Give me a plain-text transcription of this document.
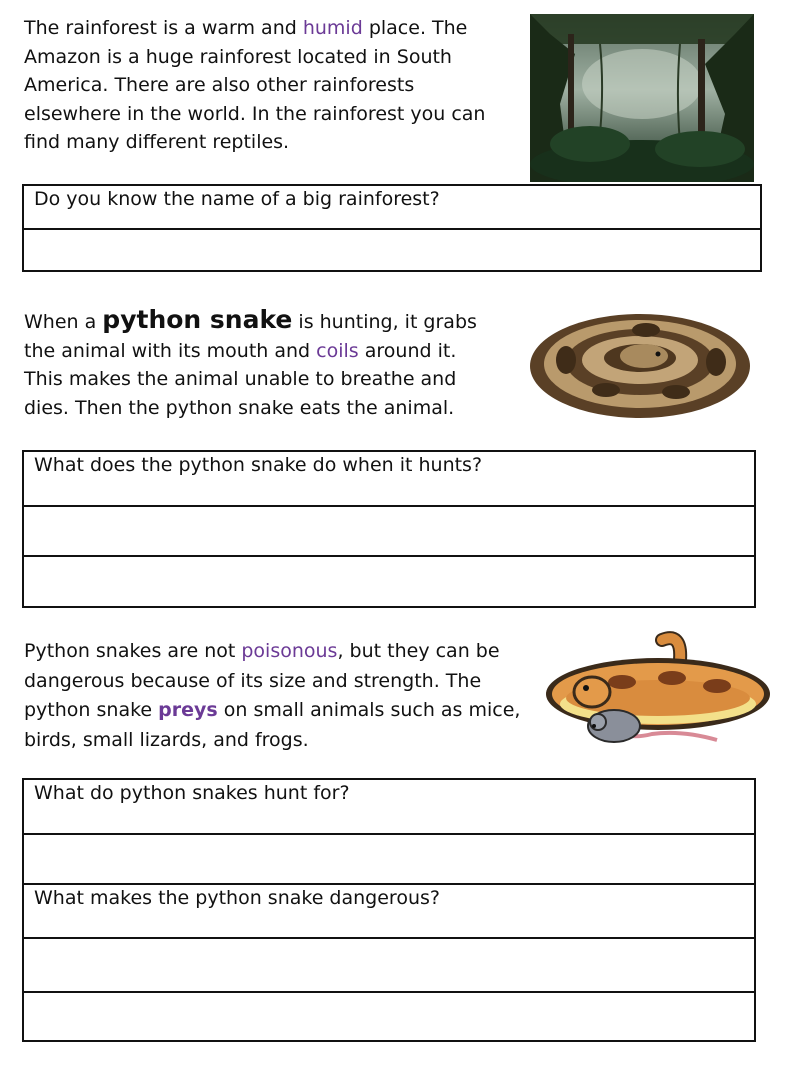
The rainforest is a warm and humid place. The Amazon is a huge rainforest located in South America. There are also other rainforests elsewhere in the world. In the rainforest you can find many different reptiles.

Do you know the name of a big rainforest?

When a python snake is hunting, it grabs the animal with its mouth and coils around it. This makes the animal unable to breathe and dies. Then the python snake eats the animal.

What does the python snake do when it hunts?

Python snakes are not poisonous, but they can be dangerous because of its size and strength. The python snake preys on small animals such as mice, birds, small lizards, and frogs.

What do python snakes hunt for?
What makes the python snake dangerous?
